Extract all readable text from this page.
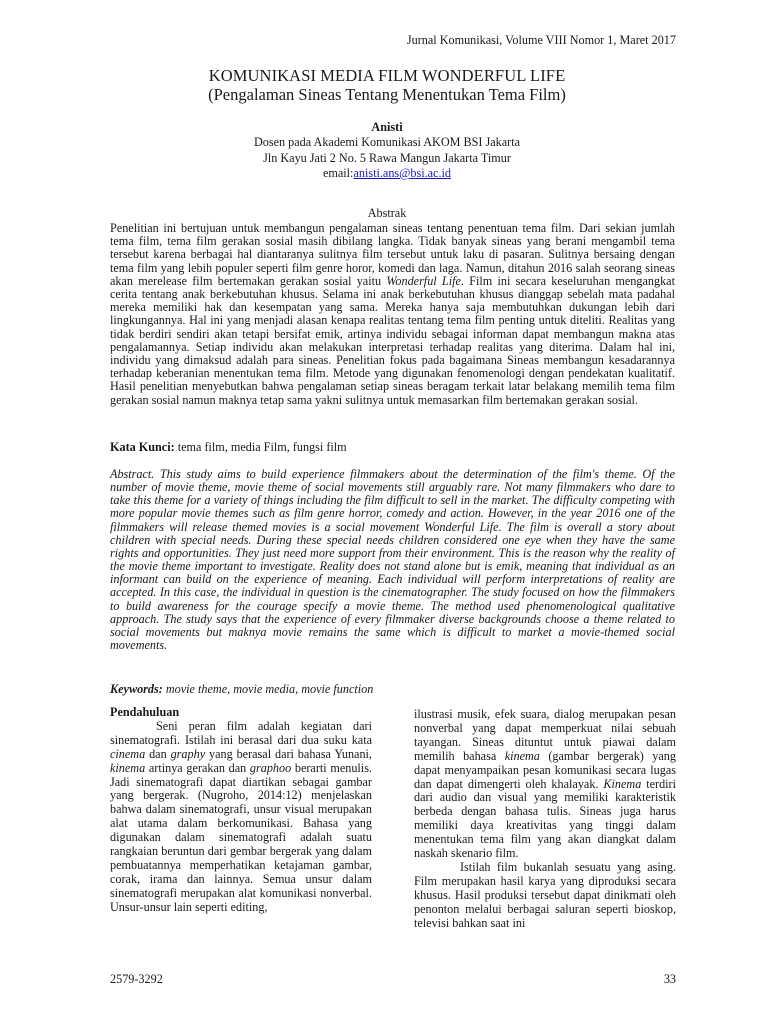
Jurnal Komunikasi, Volume VIII Nomor 1, Maret 2017
KOMUNIKASI MEDIA FILM WONDERFUL LIFE
(Pengalaman Sineas Tentang Menentukan Tema Film)
Anisti
Dosen pada Akademi Komunikasi AKOM BSI Jakarta
Jln Kayu Jati 2 No. 5 Rawa Mangun Jakarta Timur
email:anisti.ans@bsi.ac.id
Abstrak

Penelitian ini bertujuan untuk membangun pengalaman sineas tentang penentuan tema film. Dari sekian jumlah tema film, tema film gerakan sosial masih dibilang langka. Tidak banyak sineas yang berani mengambil tema tersebut karena berbagai hal diantaranya sulitnya film tersebut untuk laku di pasaran. Sulitnya bersaing dengan tema film yang lebih populer seperti film genre horor, komedi dan laga. Namun, ditahun 2016 salah seorang sineas akan merelease film bertemakan gerakan sosial yaitu Wonderful Life. Film ini secara keseluruhan mengangkat cerita tentang anak berkebutuhan khusus. Selama ini anak berkebutuhan khusus dianggap sebelah mata padahal mereka memiliki hak dan kesempatan yang sama. Mereka hanya saja membutuhkan dukungan lebih dari lingkungannya. Hal ini yang menjadi alasan kenapa realitas tentang tema film penting untuk diteliti. Realitas yang tidak berdiri sendiri akan tetapi bersifat emik, artinya individu sebagai informan dapat membangun makna atas pengalamannya. Setiap individu akan melakukan interpretasi terhadap realitas yang diterima. Dalam hal ini, individu yang dimaksud adalah para sineas. Penelitian fokus pada bagaimana Sineas membangun kesadarannya terhadap keberanian menentukan tema film. Metode yang digunakan fenomenologi dengan pendekatan kualitatif. Hasil penelitian menyebutkan bahwa pengalaman setiap sineas beragam terkait latar belakang memilih tema film gerakan sosial namun maknya tetap sama yakni sulitnya untuk memasarkan film bertemakan gerakan sosial.

Kata Kunci: tema film, media Film, fungsi film

Abstract. This study aims to build experience filmmakers about the determination of the film's theme. Of the number of movie theme, movie theme of social movements still arguably rare. Not many filmmakers who dare to take this theme for a variety of things including the film difficult to sell in the market. The difficulty competing with more popular movie themes such as film genre horror, comedy and action. However, in the year 2016 one of the filmmakers will release themed movies is a social movement Wonderful Life. The film is overall a story about children with special needs. During these special needs children considered one eye when they have the same rights and opportunities. They just need more support from their environment. This is the reason why the reality of the movie theme important to investigate. Reality does not stand alone but is emik, meaning that individual as an informant can build on the experience of meaning. Each individual will perform interpretations of reality are accepted. In this case, the individual in question is the cinematographer. The study focused on how the filmmakers to build awareness for the courage specify a movie theme. The method used phenomenological qualitative approach. The study says that the experience of every filmmaker diverse backgrounds choose a theme related to social movements but maknya movie remains the same which is difficult to market a movie-themed social movements.

Keywords: movie theme, movie media, movie function

Pendahuluan

Seni peran film adalah kegiatan dari sinematografi. Istilah ini berasal dari dua suku kata cinema dan graphy yang berasal dari bahasa Yunani, kinema artinya gerakan dan graphoo berarti menulis. Jadi sinematografi dapat diartikan sebagai gambar yang bergerak. (Nugroho, 2014:12) menjelaskan bahwa dalam sinematografi, unsur visual merupakan alat utama dalam berkomunikasi. Bahasa yang digunakan dalam sinematografi adalah suatu rangkaian beruntun dari gembar bergerak yang dalam pembuatannya memperhatikan ketajaman gambar, corak, irama dan lainnya. Semua unsur dalam sinematografi merupakan alat komunikasi nonverbal. Unsur-unsur lain seperti editing,

ilustrasi musik, efek suara, dialog merupakan pesan nonverbal yang dapat memperkuat nilai sebuah tayangan. Sineas dituntut untuk piawai dalam memilih bahasa kinema (gambar bergerak) yang dapat menyampaikan pesan komunikasi secara lugas dan dapat dimengerti oleh khalayak. Kinema terdiri dari audio dan visual yang memiliki karakteristik berbeda dengan bahasa tulis. Sineas juga harus memiliki daya kreativitas yang tinggi dalam menentukan tema film yang akan diangkat dalam naskah skenario film.

Istilah film bukanlah sesuatu yang asing. Film merupakan hasil karya yang diproduksi secara khusus. Hasil produksi tersebut dapat dinikmati oleh penonton melalui berbagai saluran seperti bioskop, televisi bahkan saat ini

2579-3292	33
